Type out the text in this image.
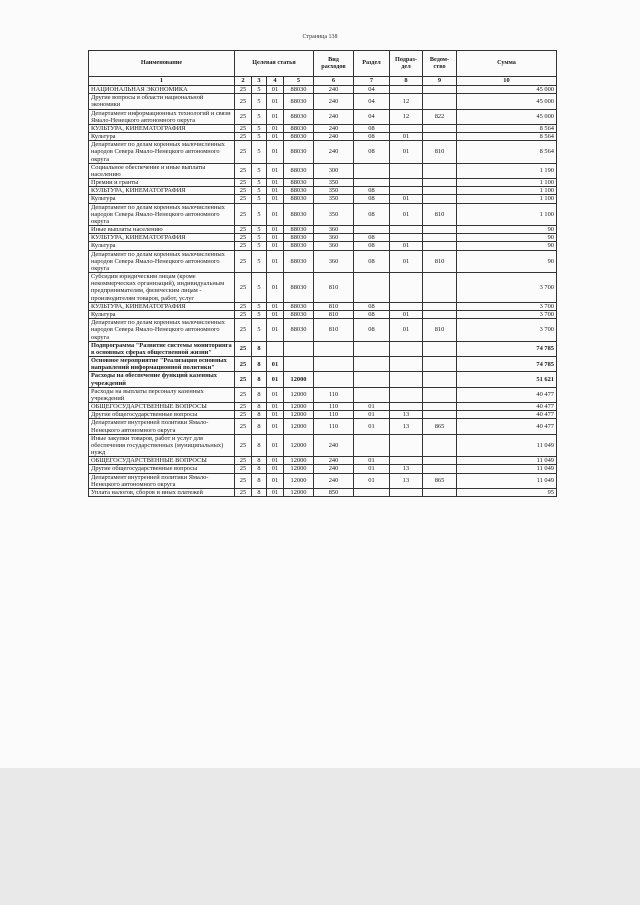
Страница 138
Наименование	Целевая статья				Вид расходов	Раздел	Подраз-дел	Ведом-ство	Сумма
1	2	3	4	5	6	7	8	9	10
НАЦИОНАЛЬНАЯ ЭКОНОМИКА	25	5	01	88030	240	04			45 000
Другие вопросы в области национальной экономики	25	5	01	88030	240	04	12		45 000
Департамент информационных технологий и связи Ямало-Ненецкого автономного округа	25	5	01	88030	240	04	12	822	45 000
КУЛЬТУРА, КИНЕМАТОГРАФИЯ	25	5	01	88030	240	08			8 564
Культура	25	5	01	88030	240	08	01		8 564
Департамент по делам коренных малочисленных народов Севера Ямало-Ненецкого автономного округа	25	5	01	88030	240	08	01	810	8 564
Социальное обеспечение и иные выплаты населению	25	5	01	88030	300				1 190
Премии и гранты	25	5	01	88030	350				1 100
КУЛЬТУРА, КИНЕМАТОГРАФИЯ	25	5	01	88030	350	08			1 100
Культура	25	5	01	88030	350	08	01		1 100
Департамент по делам коренных малочисленных народов Севера Ямало-Ненецкого автономного округа	25	5	01	88030	350	08	01	810	1 100
Иные выплаты населению	25	5	01	88030	360				90
КУЛЬТУРА, КИНЕМАТОГРАФИЯ	25	5	01	88030	360	08			90
Культура	25	5	01	88030	360	08	01		90
Департамент по делам коренных малочисленных народов Севера Ямало-Ненецкого автономного округа	25	5	01	88030	360	08	01	810	90
Субсидии юридическим лицам (кроме некоммерческих организаций), индивидуальным предпринимателям, физическим лицам - производителям товаров, работ, услуг	25	5	01	88030	810				3 700
КУЛЬТУРА, КИНЕМАТОГРАФИЯ	25	5	01	88030	810	08			3 700
Культура	25	5	01	88030	810	08	01		3 700
Департамент по делам коренных малочисленных народов Севера Ямало-Ненецкого автономного округа	25	5	01	88030	810	08	01	810	3 700
Подпрограмма "Развитие системы мониторинга в основных сферах общественной жизни"	25	8							74 785
Основное мероприятие "Реализация основных направлений информационной политики"	25	8	01						74 785
Расходы на обеспечение функций казенных учреждений	25	8	01	12000					51 621
Расходы на выплаты персоналу казенных учреждений	25	8	01	12000	110				40 477
ОБЩЕГОСУДАРСТВЕННЫЕ ВОПРОСЫ	25	8	01	12000	110	01			40 477
Другие общегосударственные вопросы	25	8	01	12000	110	01	13		40 477
Департамент внутренней политики Ямало-Ненецкого автономного округа	25	8	01	12000	110	01	13	865	40 477
Иные закупки товаров, работ и услуг для обеспечения государственных (муниципальных) нужд	25	8	01	12000	240				11 049
ОБЩЕГОСУДАРСТВЕННЫЕ ВОПРОСЫ	25	8	01	12000	240	01			11 049
Другие общегосударственные вопросы	25	8	01	12000	240	01	13		11 049
Департамент внутренней политики Ямало-Ненецкого автономного округа	25	8	01	12000	240	01	13	865	11 049
Уплата налогов, сборов и иных платежей	25	8	01	12000	850				95
